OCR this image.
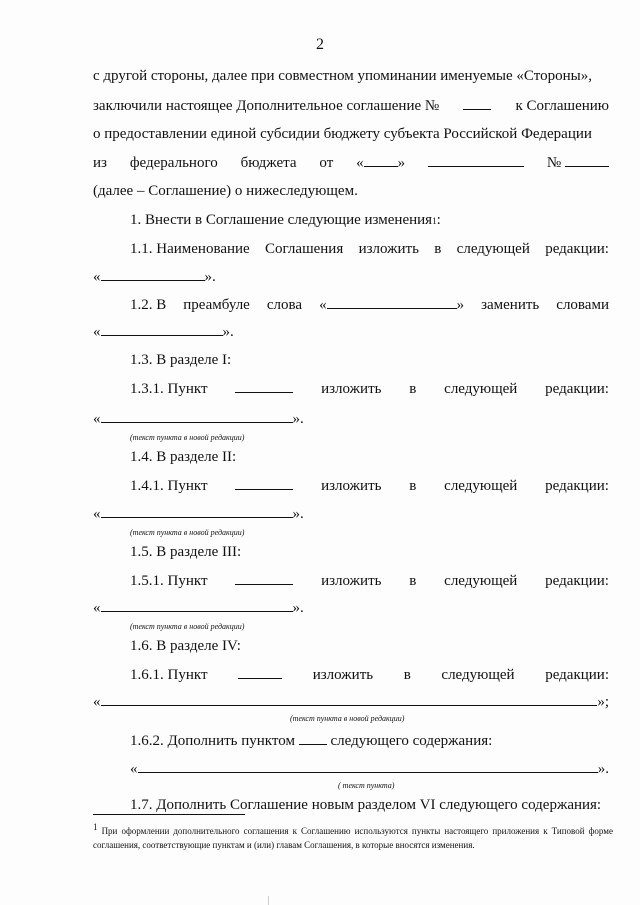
2
с другой стороны, далее при совместном упоминании именуемые «Стороны»,
заключили настоящее Дополнительное соглашение №	к Соглашению
о предоставлении единой субсидии бюджету субъекта Российской Федерации
из федерального бюджета от « »	№
(далее – Соглашение) о нижеследующем.
1. Внести в Соглашение следующие изменения 1 :
1.1. Наименование Соглашения изложить в следующей редакции:
«	».
1.2. В преамбуле слова «	» заменить словами
«	».
1.3. В разделе I:
1.3.1. Пункт	изложить в следующей редакции:
«	».
(текст пункта в новой редакции)
1.4. В разделе II:
1.4.1. Пункт	изложить в следующей редакции:
«	».
(текст пункта в новой редакции)
1.5. В разделе III:
1.5.1. Пункт	изложить в следующей редакции:
«	».
(текст пункта в новой редакции)
1.6. В разделе IV:
1.6.1. Пункт	изложить в следующей редакции:
«	»;
(текст пункта в новой редакции)
1.6.2. Дополнить пунктом

следующего содержания:
«	».
( текст пункта)
1.7. Дополнить Соглашение новым разделом VI следующего содержания:
$^1$ При оформлении дополнительного соглашения к Соглашению используются пункты настоящего приложения к Типовой форме соглашения, соответствующие пунктам и (или) главам Соглашения, в которые вносятся изменения.
